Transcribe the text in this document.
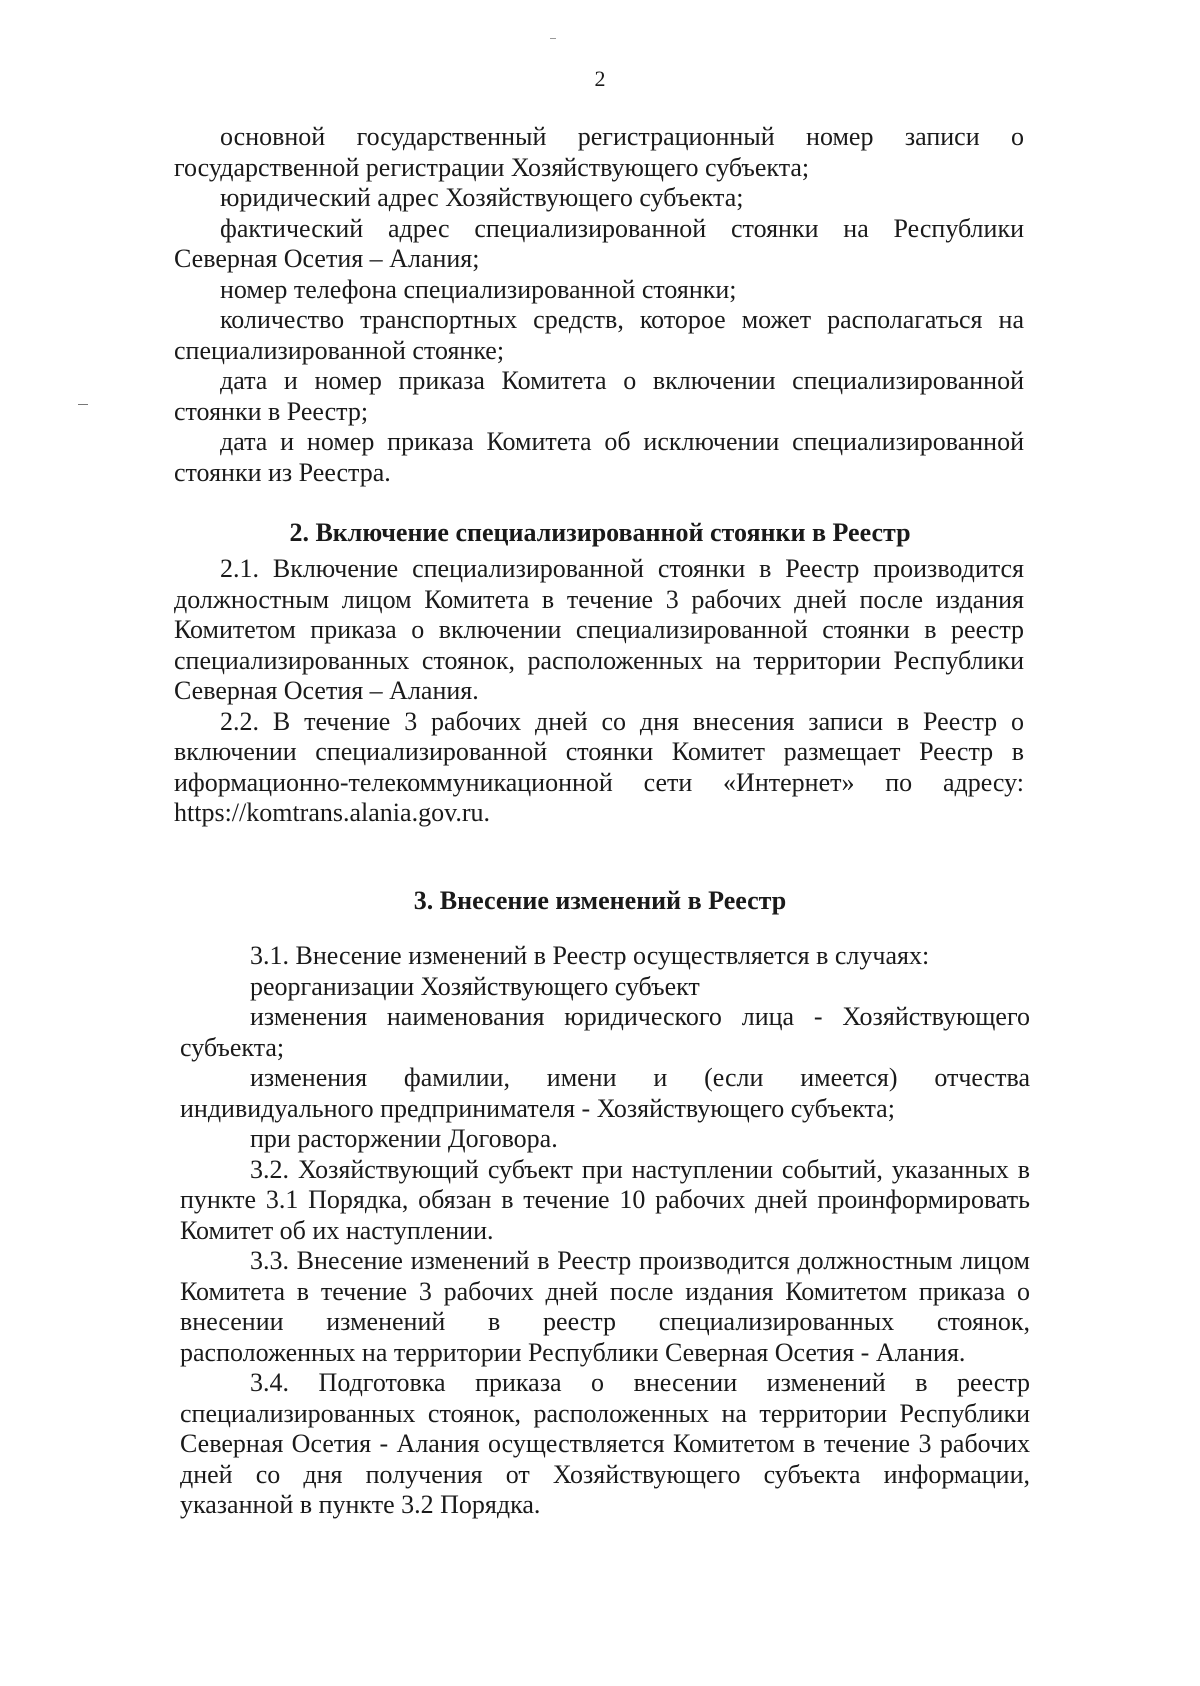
2

основной государственный регистрационный номер записи о государственной регистрации Хозяйствующего субъекта;

юридический адрес Хозяйствующего субъекта;

фактический адрес специализированной стоянки на Республики Северная Осетия – Алания;

номер телефона специализированной стоянки;

количество транспортных средств, которое может располагаться на специализированной стоянке;

дата и номер приказа Комитета о включении специализированной стоянки в Реестр;

дата и номер приказа Комитета об исключении специализированной стоянки из Реестра.

2. Включение специализированной стоянки в Реестр

2.1. Включение специализированной стоянки в Реестр производится должностным лицом Комитета в течение 3 рабочих дней после издания Комитетом приказа о включении специализированной стоянки в реестр специализированных стоянок, расположенных на территории Республики Северная Осетия – Алания.

2.2. В течение 3 рабочих дней со дня внесения записи в Реестр о включении специализированной стоянки Комитет размещает Реестр в иформационно-телекоммуникационной сети «Интернет» по адресу: https://komtrans.alania.gov.ru.

3. Внесение изменений в Реестр

3.1. Внесение изменений в Реестр осуществляется в случаях:

реорганизации Хозяйствующего субъект

изменения наименования юридического лица - Хозяйствующего субъекта;

изменения фамилии, имени и (если имеется) отчества индивидуального предпринимателя - Хозяйствующего субъекта;

при расторжении Договора.

3.2. Хозяйствующий субъект при наступлении событий, указанных в пункте 3.1 Порядка, обязан в течение 10 рабочих дней проинформировать Комитет об их наступлении.

3.3. Внесение изменений в Реестр производится должностным лицом Комитета в течение 3 рабочих дней после издания Комитетом приказа о внесении изменений в реестр специализированных стоянок, расположенных на территории Республики Северная Осетия - Алания.

3.4. Подготовка приказа о внесении изменений в реестр специализированных стоянок, расположенных на территории Республики Северная Осетия - Алания осуществляется Комитетом в течение 3 рабочих дней со дня получения от Хозяйствующего субъекта информации, указанной в пункте 3.2 Порядка.
